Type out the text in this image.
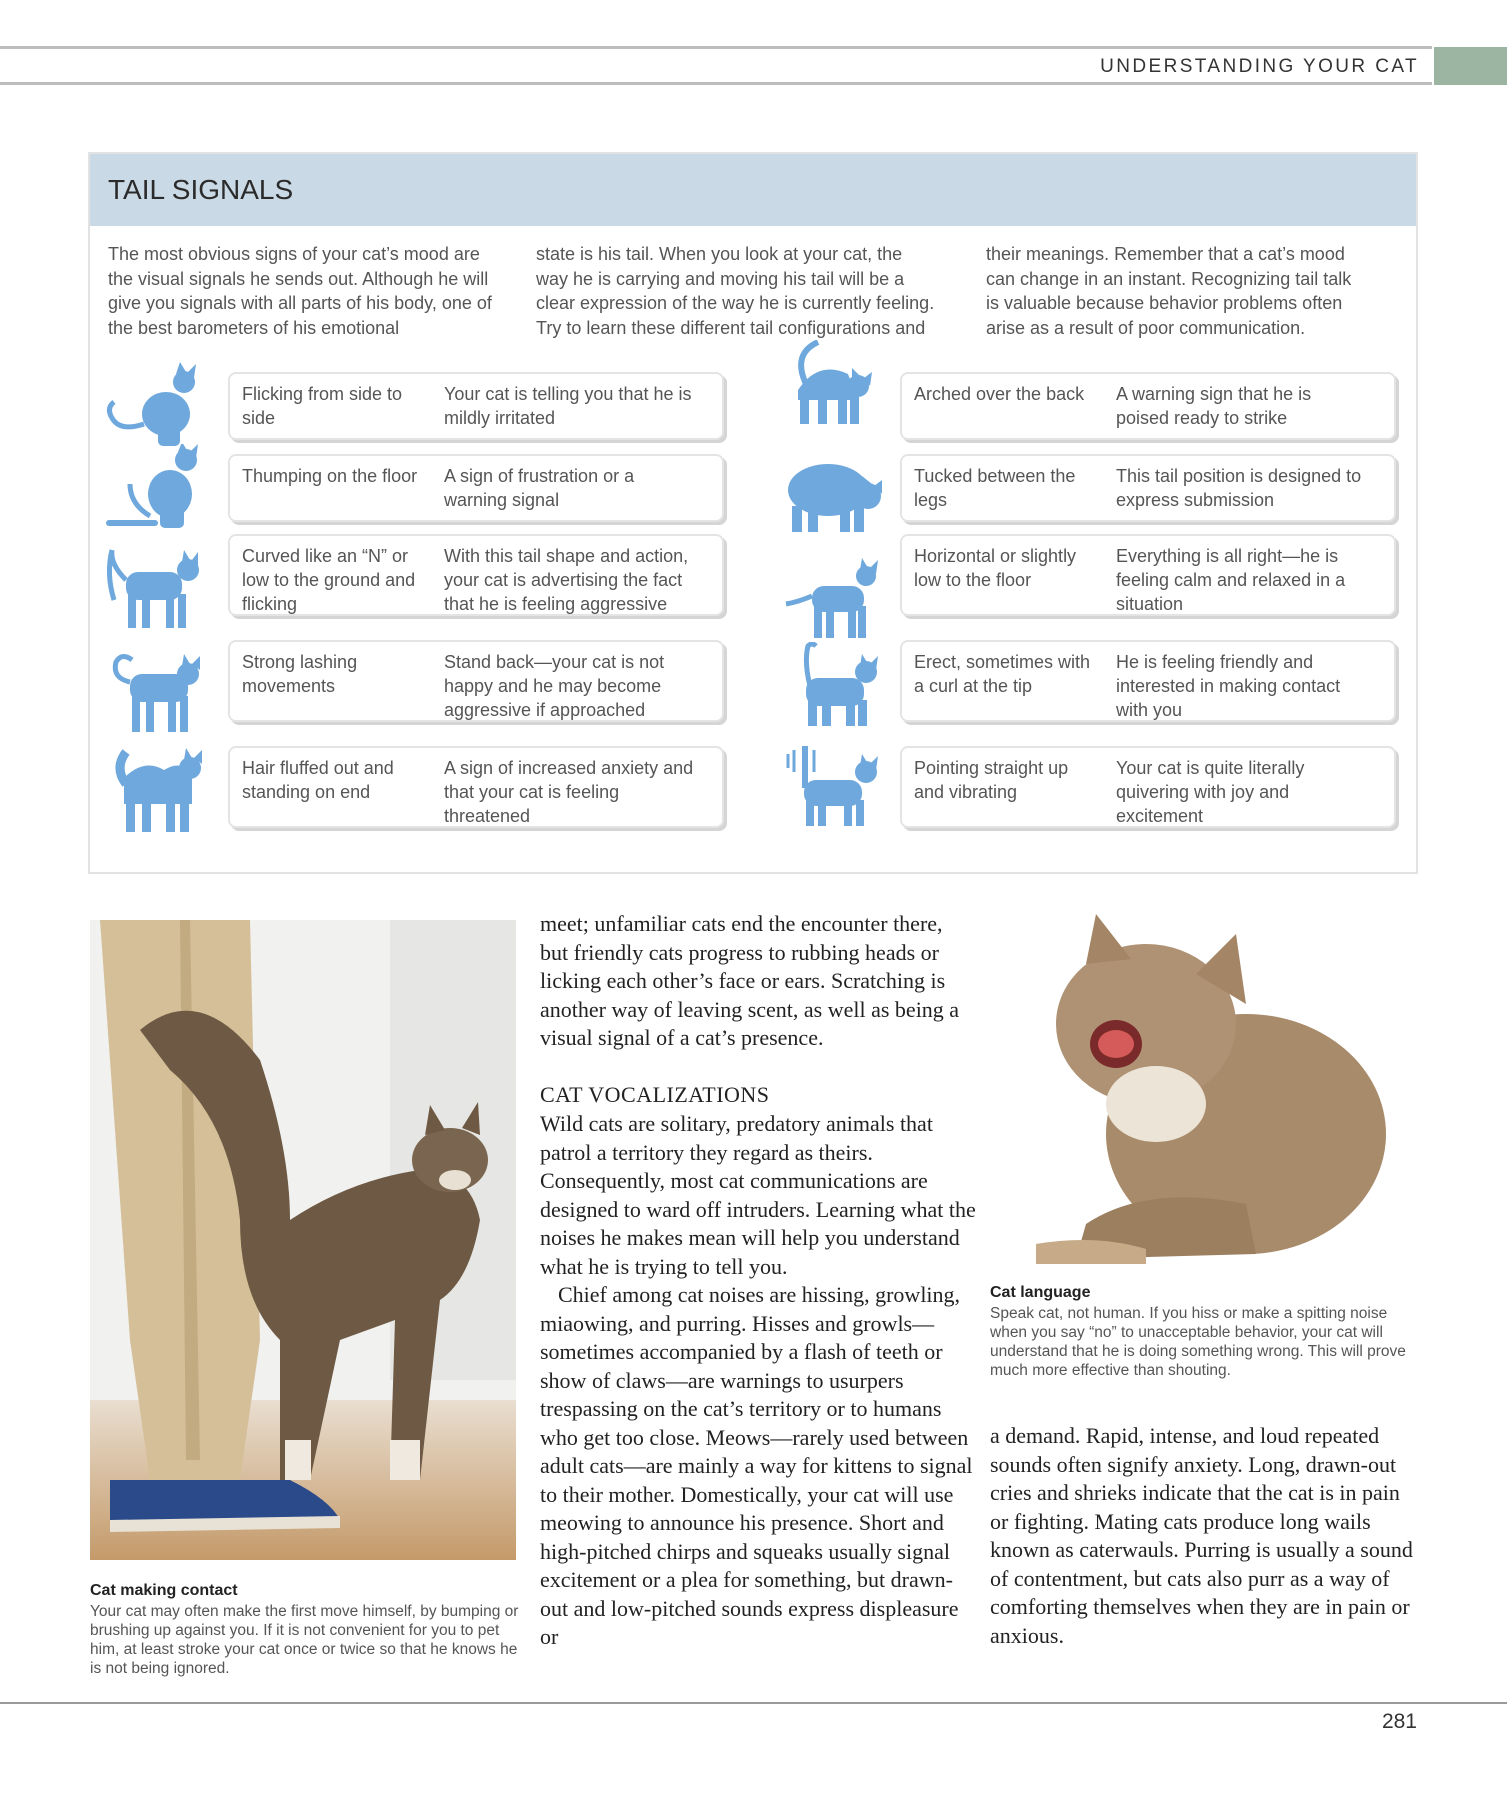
UNDERSTANDING YOUR CAT
TAIL SIGNALS

The most obvious signs of your cat’s mood are the visual signals he sends out. Although he will give you signals with all parts of his body, one of the best barometers of his emotional

state is his tail. When you look at your cat, the way he is carrying and moving his tail will be a clear expression of the way he is currently feeling. Try to learn these different tail configurations and

their meanings. Remember that a cat’s mood can change in an instant. Recognizing tail talk is valuable because behavior problems often arise as a result of poor communication.

Flicking from side to side
Your cat is telling you that he is mildly irritated
Thumping on the floor A sign of frustration or a warning signal
Curved like an “N” or low to the ground and flicking
With this tail shape and action, your cat is advertising the fact that he is feeling aggressive
Strong lashing movements
Stand back—your cat is not happy and he may become aggressive if approached
Hair fluffed out and standing on end
A sign of increased anxiety and that your cat is feeling threatened
Arched over the back	A warning sign that he is poised ready to strike
Tucked between the legs
This tail position is designed to express submission
Horizontal or slightly low to the floor
Everything is all right—he is feeling calm and relaxed in a situation
Erect, sometimes with a curl at the tip
He is feeling friendly and interested in making contact with you
Pointing straight up and vibrating
Your cat is quite literally quivering with joy and excitement
Cat making contact
Your cat may often make the first move himself, by bumping or brushing up against you. If it is not convenient for you to pet him, at least stroke your cat once or twice so that he knows he is not being ignored.

meet; unfamiliar cats end the encounter there, but friendly cats progress to rubbing heads or licking each other’s face or ears. Scratching is another way of leaving scent, as well as being a visual signal of a cat’s presence.

CAT VOCALIZATIONS

Wild cats are solitary, predatory animals that patrol a territory they regard as theirs. Consequently, most cat communications are designed to ward off intruders. Learning what the noises he makes mean will help you understand what he is trying to tell you.

Chief among cat noises are hissing, growling, miaowing, and purring. Hisses and growls—sometimes accompanied by a flash of teeth or show of claws—are warnings to usurpers trespassing on the cat’s territory or to humans who get too close. Meows—rarely used between adult cats—are mainly a way for kittens to signal to their mother. Domestically, your cat will use meowing to announce his presence. Short and high-pitched chirps and squeaks usually signal excitement or a plea for something, but drawn-out and low-pitched sounds express displeasure or

Cat language
Speak cat, not human. If you hiss or make a spitting noise when you say “no” to unacceptable behavior, your cat will understand that he is doing something wrong. This will prove much more effective than shouting.

a demand. Rapid, intense, and loud repeated sounds often signify anxiety. Long, drawn-out cries and shrieks indicate that the cat is in pain or fighting. Mating cats produce long wails known as caterwauls. Purring is usually a sound of contentment, but cats also purr as a way of comforting themselves when they are in pain or anxious.

281
